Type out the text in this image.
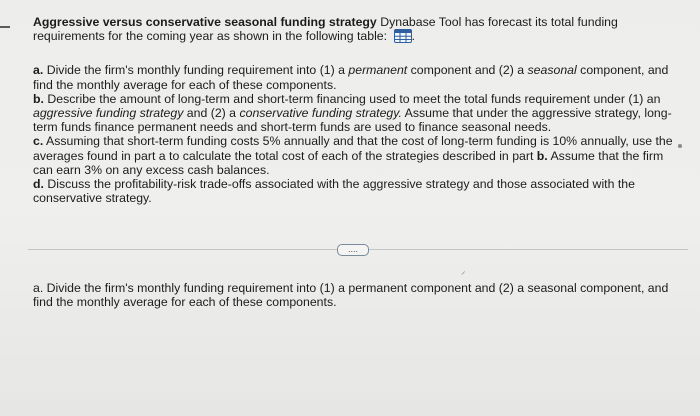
Aggressive versus conservative seasonal funding strategy Dynabase Tool has forecast its total funding requirements for the coming year as shown in the following table: .

a. Divide the firm's monthly funding requirement into (1) a permanent component and (2) a seasonal component, and find the monthly average for each of these components.

b. Describe the amount of long-term and short-term financing used to meet the total funds requirement under (1) an aggressive funding strategy and (2) a conservative funding strategy. Assume that under the aggressive strategy, long-term funds finance permanent needs and short-term funds are used to finance seasonal needs.

c. Assuming that short-term funding costs 5% annually and that the cost of long-term funding is 10% annually, use the averages found in part a to calculate the total cost of each of the strategies described in part b. Assume that the firm can earn 3% on any excess cash balances.

d. Discuss the profitability-risk trade-offs associated with the aggressive strategy and those associated with the conservative strategy.

....
⸝
a. Divide the firm's monthly funding requirement into (1) a permanent component and (2) a seasonal component, and find the monthly average for each of these components.
